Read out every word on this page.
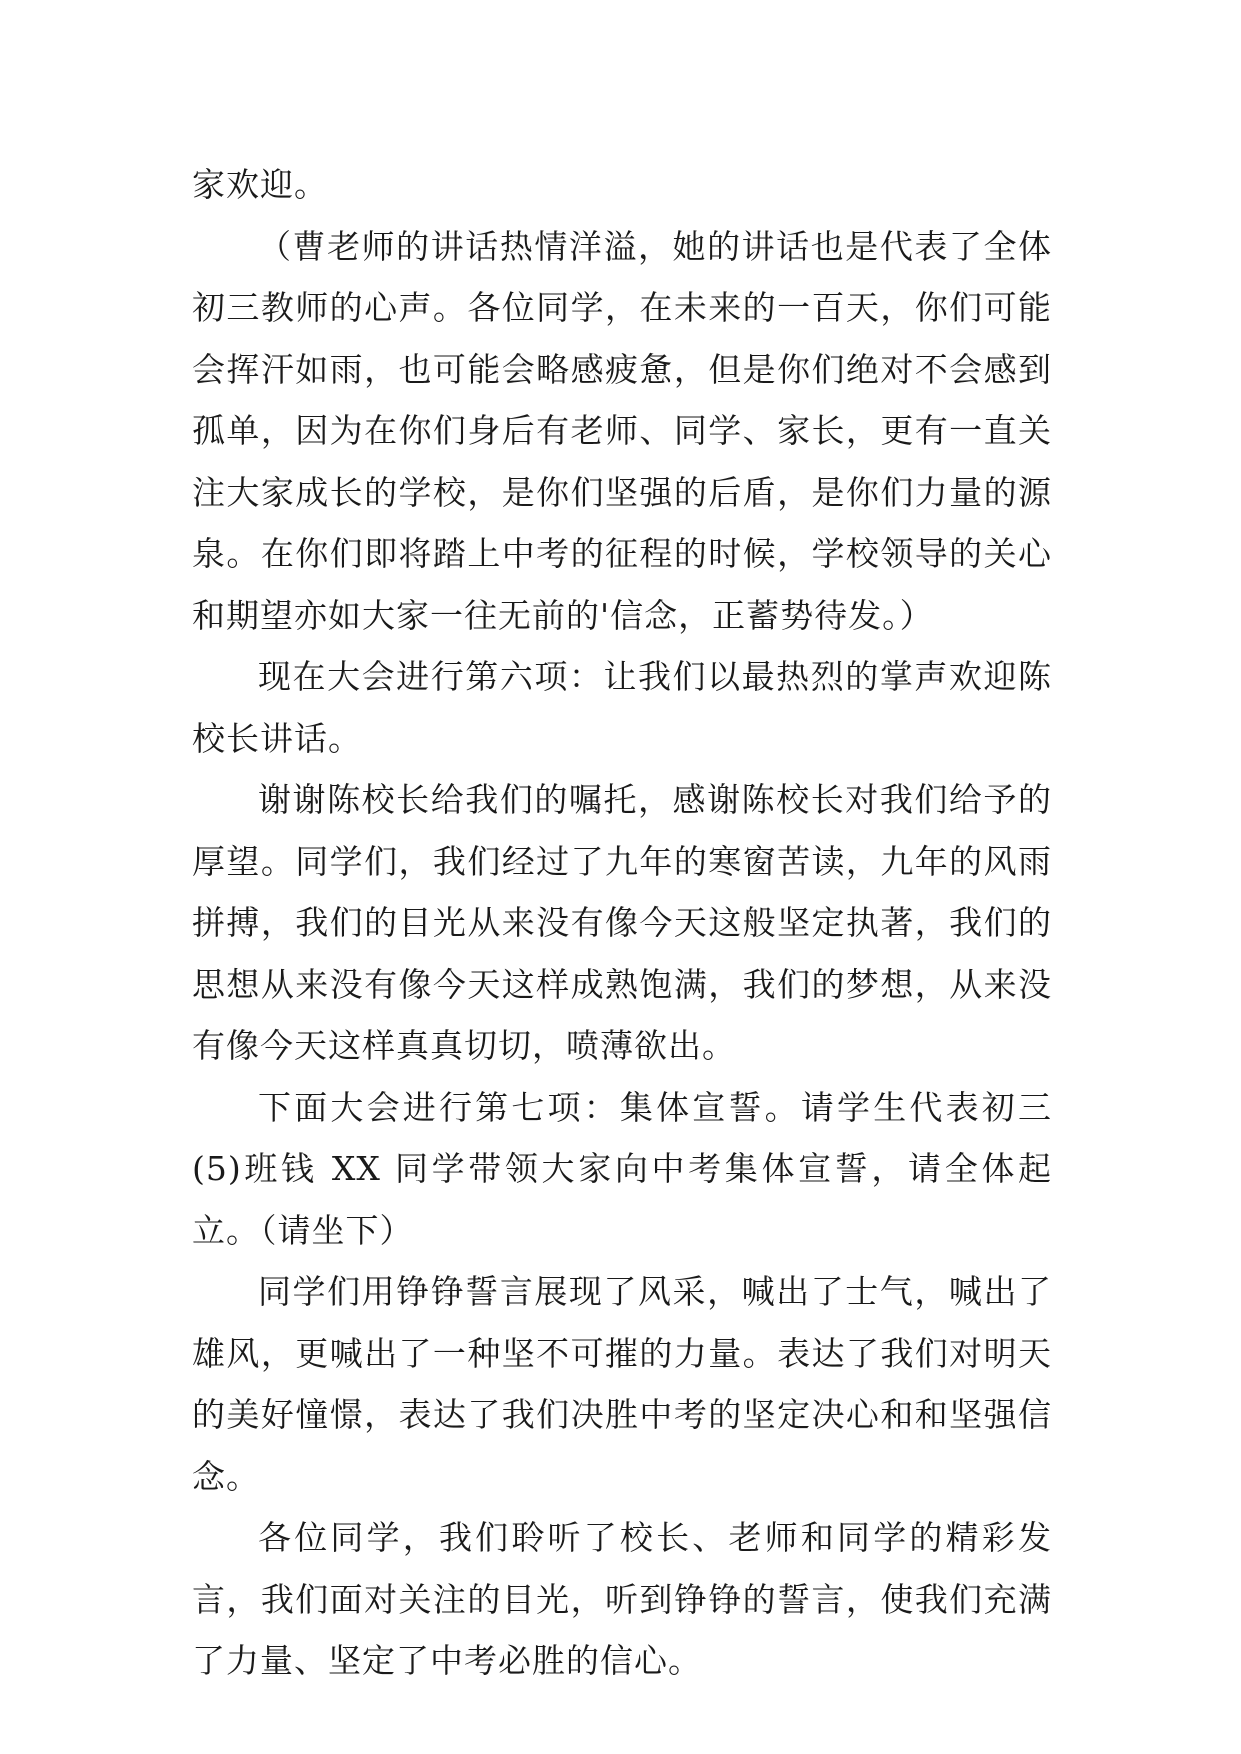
家欢迎。

（曹老师的讲话热情洋溢，她的讲话也是代表了全体初三教师的心声。各位同学，在未来的一百天，你们可能会挥汗如雨，也可能会略感疲惫，但是你们绝对不会感到孤单，因为在你们身后有老师、同学、家长，更有一直关注大家成长的学校，是你们坚强的后盾，是你们力量的源泉。在你们即将踏上中考的征程的时候，学校领导的关心和期望亦如大家一往无前的'信念，正蓄势待发。）

现在大会进行第六项：让我们以最热烈的掌声欢迎陈校长讲话。

谢谢陈校长给我们的嘱托，感谢陈校长对我们给予的厚望。同学们，我们经过了九年的寒窗苦读，九年的风雨拼搏，我们的目光从来没有像今天这般坚定执著，我们的思想从来没有像今天这样成熟饱满，我们的梦想，从来没有像今天这样真真切切，喷薄欲出。

下面大会进行第七项：集体宣誓。请学生代表初三(5)班钱 XX 同学带领大家向中考集体宣誓，请全体起立。（请坐下）

同学们用铮铮誓言展现了风采，喊出了士气，喊出了雄风，更喊出了一种坚不可摧的力量。表达了我们对明天的美好憧憬，表达了我们决胜中考的坚定决心和和坚强信念。

各位同学，我们聆听了校长、老师和同学的精彩发言，我们面对关注的目光，听到铮铮的誓言，使我们充满了力量、坚定了中考必胜的信心。
